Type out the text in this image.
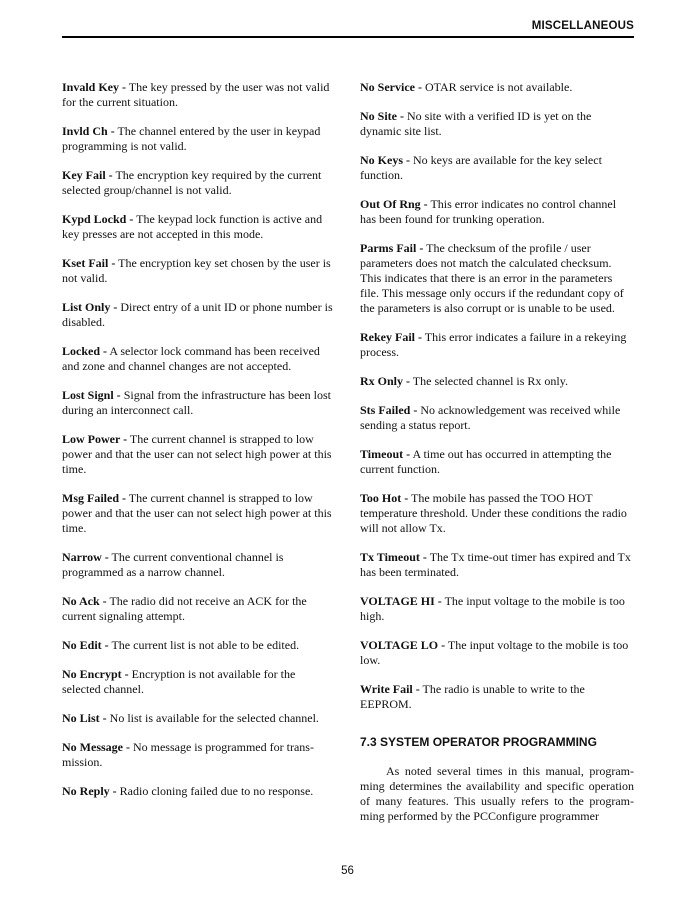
MISCELLANEOUS
Invald Key - The key pressed by the user was not valid for the current situation.
Invld Ch - The channel entered by the user in keypad programming is not valid.
Key Fail - The encryption key required by the current selected group/channel is not valid.
Kypd Lockd - The keypad lock function is active and key presses are not accepted in this mode.
Kset Fail - The encryption key set chosen by the user is not valid.
List Only - Direct entry of a unit ID or phone number is disabled.
Locked - A selector lock command has been received and zone and channel changes are not accepted.
Lost Signl - Signal from the infrastructure has been lost during an interconnect call.
Low Power - The current channel is strapped to low power and that the user can not select high power at this time.
Msg Failed - The current channel is strapped to low power and that the user can not select high power at this time.
Narrow - The current conventional channel is programmed as a narrow channel.
No Ack - The radio did not receive an ACK for the current signaling attempt.
No Edit - The current list is not able to be edited.
No Encrypt - Encryption is not available for the selected channel.
No List - No list is available for the selected channel.
No Message - No message is programmed for trans-mission.
No Reply - Radio cloning failed due to no response.
No Service - OTAR service is not available.
No Site - No site with a verified ID is yet on the dynamic site list.
No Keys - No keys are available for the key select function.
Out Of Rng - This error indicates no control channel has been found for trunking operation.
Parms Fail - The checksum of the profile / user parameters does not match the calculated checksum. This indicates that there is an error in the parameters file. This message only occurs if the redundant copy of the parameters is also corrupt or is unable to be used.
Rekey Fail - This error indicates a failure in a rekeying process.
Rx Only - The selected channel is Rx only.
Sts Failed - No acknowledgement was received while sending a status report.
Timeout - A time out has occurred in attempting the current function.
Too Hot - The mobile has passed the TOO HOT temperature threshold. Under these conditions the radio will not allow Tx.
Tx Timeout - The Tx time-out timer has expired and Tx has been terminated.
VOLTAGE HI - The input voltage to the mobile is too high.
VOLTAGE LO - The input voltage to the mobile is too low.
Write Fail - The radio is unable to write to the EEPROM.
7.3 SYSTEM OPERATOR PROGRAMMING

As noted several times in this manual, program-ming determines the availability and specific operation of many features. This usually refers to the program-ming performed by the PCConfigure programmer

56
